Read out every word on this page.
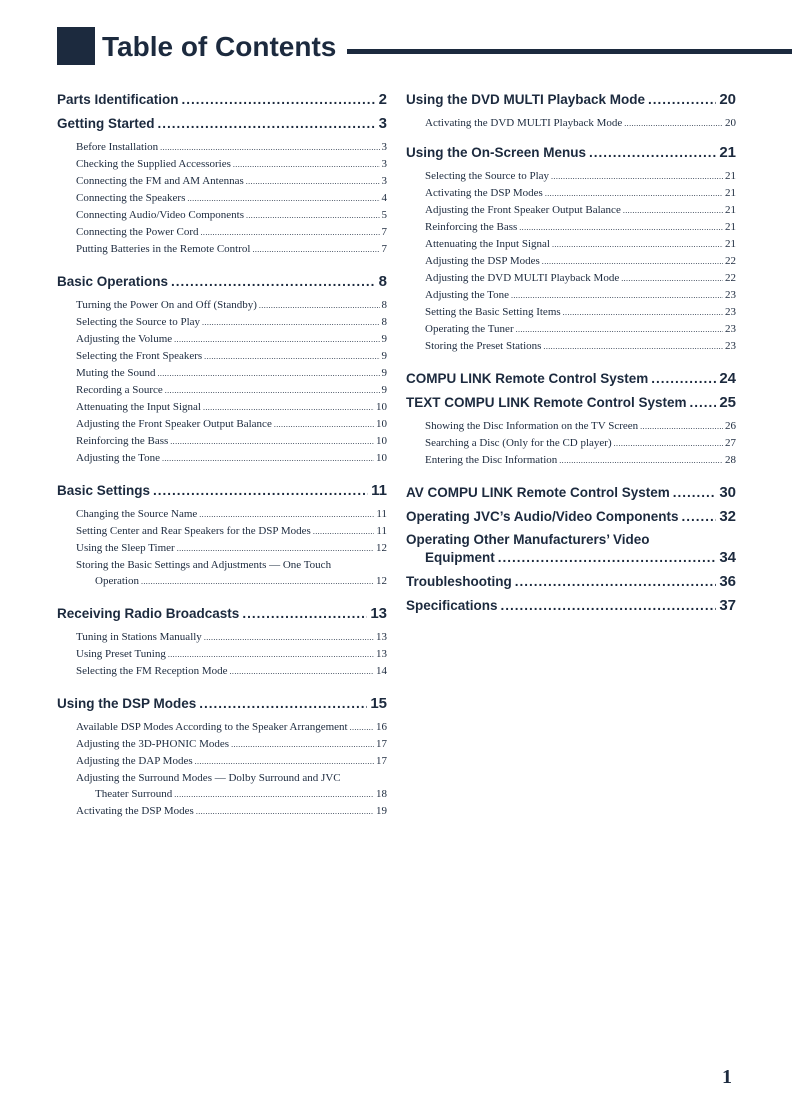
Table of Contents
Parts Identification .....	2
Getting Started .....	3
Before Installation .....	3
Checking the Supplied Accessories .....	3
Connecting the FM and AM Antennas .....	3
Connecting the Speakers .....	4
Connecting Audio/Video Components .....	5
Connecting the Power Cord .....	7
Putting Batteries in the Remote Control .....	7
Basic Operations .....	8
Turning the Power On and Off (Standby) .....	8
Selecting the Source to Play .....	8
Adjusting the Volume .....	9
Selecting the Front Speakers .....	9
Muting the Sound .....	9
Recording a Source .....	9
Attenuating the Input Signal .....	10
Adjusting the Front Speaker Output Balance .....	10
Reinforcing the Bass .....	10
Adjusting the Tone .....	10
Basic Settings .....	11
Changing the Source Name .....	11
Setting Center and Rear Speakers for the DSP Modes .....	11
Using the Sleep Timer .....	12
Storing the Basic Settings and Adjustments — One Touch
Operation .....	12
Receiving Radio Broadcasts .....	13
Tuning in Stations Manually .....	13
Using Preset Tuning .....	13
Selecting the FM Reception Mode .....	14
Using the DSP Modes .....	15
Available DSP Modes According to the Speaker Arrangement .....	16
Adjusting the 3D-PHONIC Modes .....	17
Adjusting the DAP Modes .....	17
Adjusting the Surround Modes — Dolby Surround and JVC
Theater Surround .....	18
Activating the DSP Modes .....	19
Using the DVD MULTI Playback Mode .....	20
Activating the DVD MULTI Playback Mode .....	20
Using the On-Screen Menus .....	21
Selecting the Source to Play .....	21
Activating the DSP Modes .....	21
Adjusting the Front Speaker Output Balance .....	21
Reinforcing the Bass .....	21
Attenuating the Input Signal .....	21
Adjusting the DSP Modes .....	22
Adjusting the DVD MULTI Playback Mode .....	22
Adjusting the Tone .....	23
Setting the Basic Setting Items .....	23
Operating the Tuner .....	23
Storing the Preset Stations .....	23
COMPU LINK Remote Control System .....	24
TEXT COMPU LINK Remote Control System ..... 25
Showing the Disc Information on the TV Screen .....	26
Searching a Disc (Only for the CD player) .....	27
Entering the Disc Information .....	28
AV COMPU LINK Remote Control System .....	30
Operating JVC’s Audio/Video Components .....	32
Operating Other Manufacturers’ Video
Equipment .....	34
Troubleshooting .....	36
Specifications .....	37
1
